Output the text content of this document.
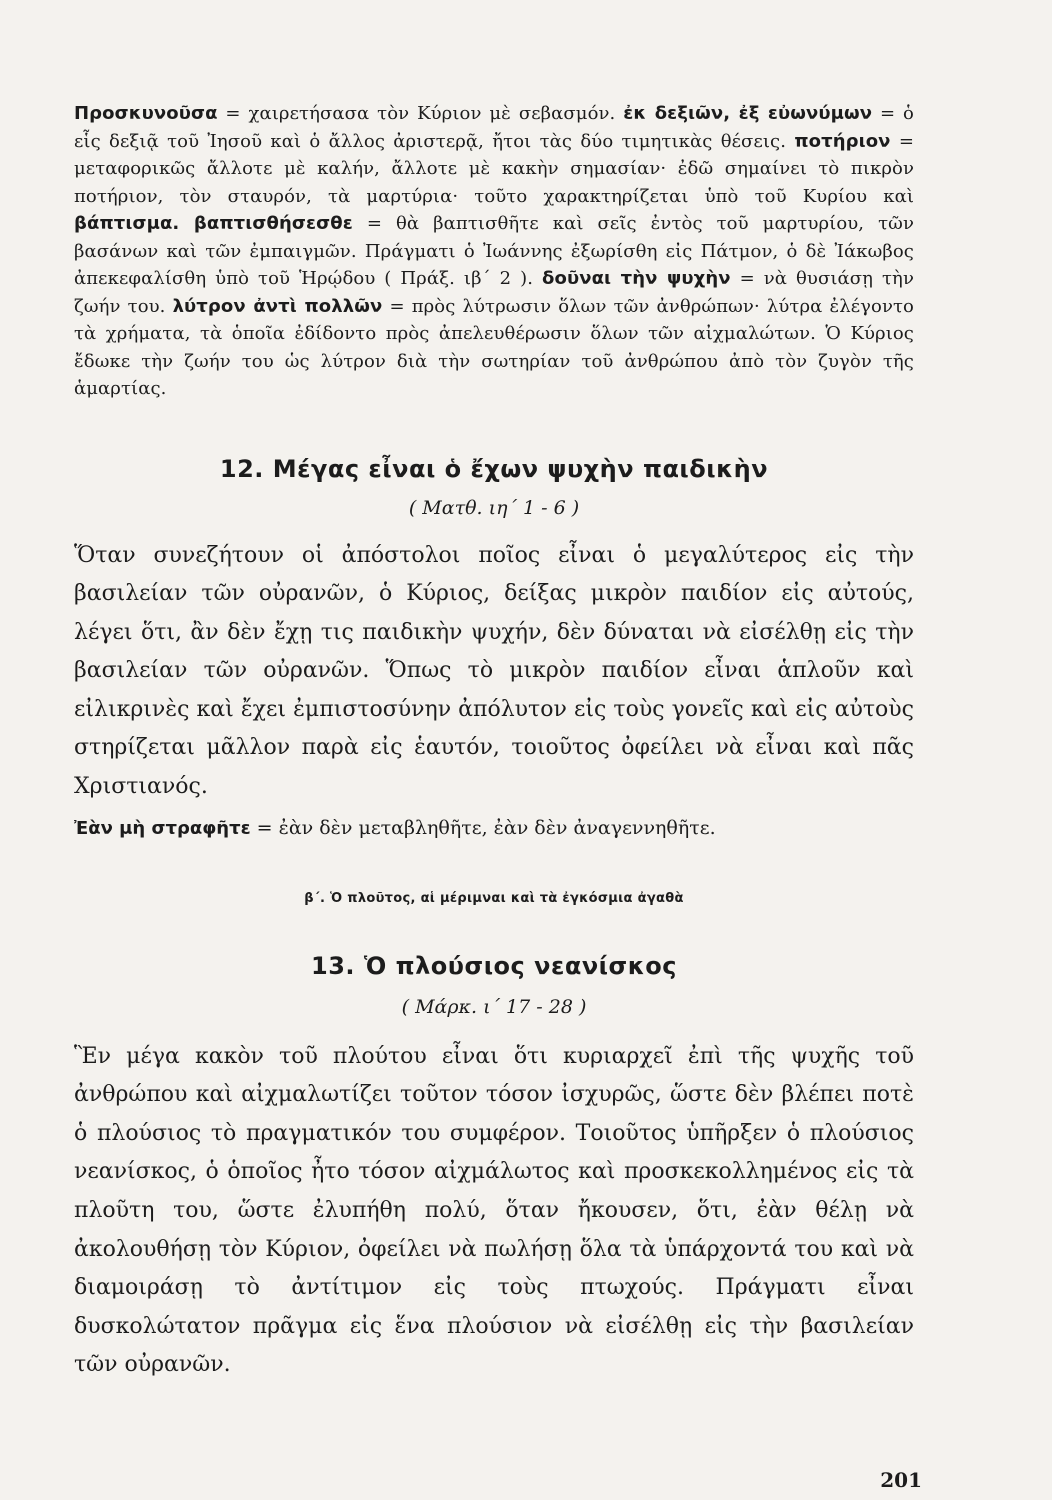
Προσκυνοῦσα = χαιρετήσασα τὸν Κύριον μὲ σεβασμόν. ἐκ δεξιῶν, ἐξ εὐωνύμων = ὁ εἷς δεξιᾷ τοῦ Ἰησοῦ καὶ ὁ ἄλλος ἀριστερᾷ, ἤτοι τὰς δύο τιμητικὰς θέσεις. ποτήριον = μεταφορικῶς ἄλλοτε μὲ καλήν, ἄλλοτε μὲ κακὴν σημασίαν· ἐδῶ σημαίνει τὸ πικρὸν ποτήριον, τὸν σταυρόν, τὰ μαρτύρια· τοῦτο χαρακτηρίζεται ὑπὸ τοῦ Κυρίου καὶ βάπτισμα. βαπτισθήσεσθε = θὰ βαπτισθῆτε καὶ σεῖς ἐντὸς τοῦ μαρτυρίου, τῶν βασάνων καὶ τῶν ἐμπαιγμῶν. Πράγματι ὁ Ἰωάννης ἐξωρίσθη εἰς Πάτμον, ὁ δὲ Ἰάκωβος ἀπεκεφαλίσθη ὑπὸ τοῦ Ἡρῴδου ( Πράξ. ιβ΄ 2 ). δοῦναι τὴν ψυχὴν = νὰ θυσιάσῃ τὴν ζωήν του. λύτρον ἀντὶ πολλῶν = πρὸς λύτρωσιν ὅλων τῶν ἀνθρώπων· λύτρα ἐλέγοντο τὰ χρήματα, τὰ ὁποῖα ἐδίδοντο πρὸς ἀπελευθέρωσιν ὅλων τῶν αἰχμαλώτων. Ὁ Κύριος ἔδωκε τὴν ζωήν του ὡς λύτρον διὰ τὴν σωτηρίαν τοῦ ἀνθρώπου ἀπὸ τὸν ζυγὸν τῆς ἁμαρτίας.

12. Μέγας εἶναι ὁ ἔχων ψυχὴν παιδικὴν

( Ματθ. ιη΄ 1 - 6 )

Ὅταν συνεζήτουν οἱ ἀπόστολοι ποῖος εἶναι ὁ μεγαλύτερος εἰς τὴν βασιλείαν τῶν οὐρανῶν, ὁ Κύριος, δείξας μικρὸν παιδίον εἰς αὐτούς, λέγει ὅτι, ἂν δὲν ἔχῃ τις παιδικὴν ψυχήν, δὲν δύναται νὰ εἰσέλθῃ εἰς τὴν βασιλείαν τῶν οὐρανῶν. Ὅπως τὸ μικρὸν παιδίον εἶναι ἁπλοῦν καὶ εἰλικρινὲς καὶ ἔχει ἐμπιστοσύνην ἀπόλυτον εἰς τοὺς γονεῖς καὶ εἰς αὐτοὺς στηρίζεται μᾶλλον παρὰ εἰς ἑαυτόν, τοιοῦτος ὀφείλει νὰ εἶναι καὶ πᾶς Χριστιανός.

Ἐὰν μὴ στραφῆτε = ἐὰν δὲν μεταβληθῆτε, ἐὰν δὲν ἀναγεννηθῆτε.

β΄. Ὁ πλοῦτος, αἱ μέριμναι καὶ τὰ ἐγκόσμια ἀγαθὰ

13. Ὁ πλούσιος νεανίσκος

( Μάρκ. ι΄ 17 - 28 )

Ἓν μέγα κακὸν τοῦ πλούτου εἶναι ὅτι κυριαρχεῖ ἐπὶ τῆς ψυχῆς τοῦ ἀνθρώπου καὶ αἰχμαλωτίζει τοῦτον τόσον ἰσχυρῶς, ὥστε δὲν βλέπει ποτὲ ὁ πλούσιος τὸ πραγματικόν του συμφέρον. Τοιοῦτος ὑπῆρξεν ὁ πλούσιος νεανίσκος, ὁ ὁποῖος ἦτο τόσον αἰχμάλωτος καὶ προσκεκολλημένος εἰς τὰ πλοῦτη του, ὥστε ἐλυπήθη πολύ, ὅταν ἤκουσεν, ὅτι, ἐὰν θέλῃ νὰ ἀκολουθήσῃ τὸν Κύριον, ὀφείλει νὰ πωλήσῃ ὅλα τὰ ὑπάρχοντά του καὶ νὰ διαμοιράσῃ τὸ ἀντίτιμον εἰς τοὺς πτωχούς. Πράγματι εἶναι δυσκολώτατον πρᾶγμα εἰς ἕνα πλούσιον νὰ εἰσέλθῃ εἰς τὴν βασιλείαν τῶν οὐρανῶν.

201
